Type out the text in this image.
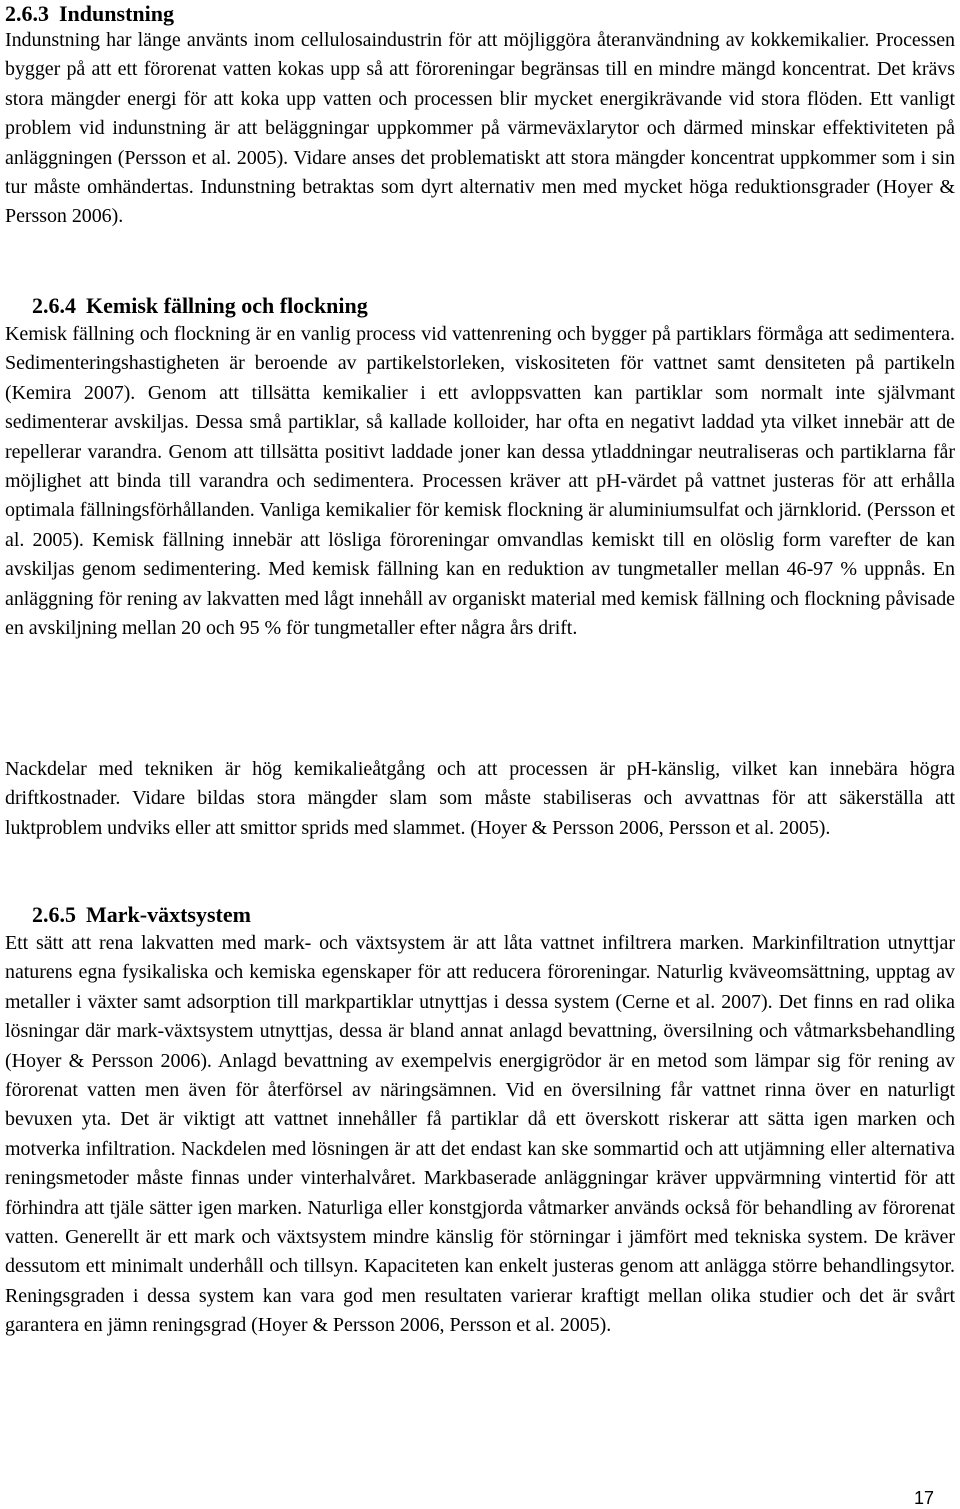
2.6.3 Indunstning

Indunstning har länge använts inom cellulosaindustrin för att möjliggöra återanvändning av kokkemikalier. Processen bygger på att ett förorenat vatten kokas upp så att föroreningar begränsas till en mindre mängd koncentrat. Det krävs stora mängder energi för att koka upp vatten och processen blir mycket energikrävande vid stora flöden. Ett vanligt problem vid indunstning är att beläggningar uppkommer på värmeväxlarytor och därmed minskar effektiviteten på anläggningen (Persson et al. 2005). Vidare anses det problematiskt att stora mängder koncentrat uppkommer som i sin tur måste omhändertas. Indunstning betraktas som dyrt alternativ men med mycket höga reduktionsgrader (Hoyer & Persson 2006).

2.6.4 Kemisk fällning och flockning

Kemisk fällning och flockning är en vanlig process vid vattenrening och bygger på partiklars förmåga att sedimentera. Sedimenteringshastigheten är beroende av partikelstorleken, viskositeten för vattnet samt densiteten på partikeln (Kemira 2007). Genom att tillsätta kemikalier i ett avloppsvatten kan partiklar som normalt inte självmant sedimenterar avskiljas. Dessa små partiklar, så kallade kolloider, har ofta en negativt laddad yta vilket innebär att de repellerar varandra. Genom att tillsätta positivt laddade joner kan dessa ytladdningar neutraliseras och partiklarna får möjlighet att binda till varandra och sedimentera. Processen kräver att pH-värdet på vattnet justeras för att erhålla optimala fällningsförhållanden. Vanliga kemikalier för kemisk flockning är aluminiumsulfat och järnklorid. (Persson et al. 2005). Kemisk fällning innebär att lösliga föroreningar omvandlas kemiskt till en olöslig form varefter de kan avskiljas genom sedimentering. Med kemisk fällning kan en reduktion av tungmetaller mellan 46-97 % uppnås. En anläggning för rening av lakvatten med lågt innehåll av organiskt material med kemisk fällning och flockning påvisade en avskiljning mellan 20 och 95 % för tungmetaller efter några års drift.

Nackdelar med tekniken är hög kemikalieåtgång och att processen är pH-känslig, vilket kan innebära högra driftkostnader. Vidare bildas stora mängder slam som måste stabiliseras och avvattnas för att säkerställa att luktproblem undviks eller att smittor sprids med slammet. (Hoyer & Persson 2006, Persson et al. 2005).

2.6.5 Mark-växtsystem

Ett sätt att rena lakvatten med mark- och växtsystem är att låta vattnet infiltrera marken. Markinfiltration utnyttjar naturens egna fysikaliska och kemiska egenskaper för att reducera föroreningar. Naturlig kväveomsättning, upptag av metaller i växter samt adsorption till markpartiklar utnyttjas i dessa system (Cerne et al. 2007). Det finns en rad olika lösningar där mark-växtsystem utnyttjas, dessa är bland annat anlagd bevattning, översilning och våtmarksbehandling (Hoyer & Persson 2006). Anlagd bevattning av exempelvis energigrödor är en metod som lämpar sig för rening av förorenat vatten men även för återförsel av näringsämnen. Vid en översilning får vattnet rinna över en naturligt bevuxen yta. Det är viktigt att vattnet innehåller få partiklar då ett överskott riskerar att sätta igen marken och motverka infiltration. Nackdelen med lösningen är att det endast kan ske sommartid och att utjämning eller alternativa reningsmetoder måste finnas under vinterhalvåret. Markbaserade anläggningar kräver uppvärmning vintertid för att förhindra att tjäle sätter igen marken. Naturliga eller konstgjorda våtmarker används också för behandling av förorenat vatten. Generellt är ett mark och växtsystem mindre känslig för störningar i jämfört med tekniska system. De kräver dessutom ett minimalt underhåll och tillsyn. Kapaciteten kan enkelt justeras genom att anlägga större behandlingsytor. Reningsgraden i dessa system kan vara god men resultaten varierar kraftigt mellan olika studier och det är svårt garantera en jämn reningsgrad (Hoyer & Persson 2006, Persson et al. 2005).

17
